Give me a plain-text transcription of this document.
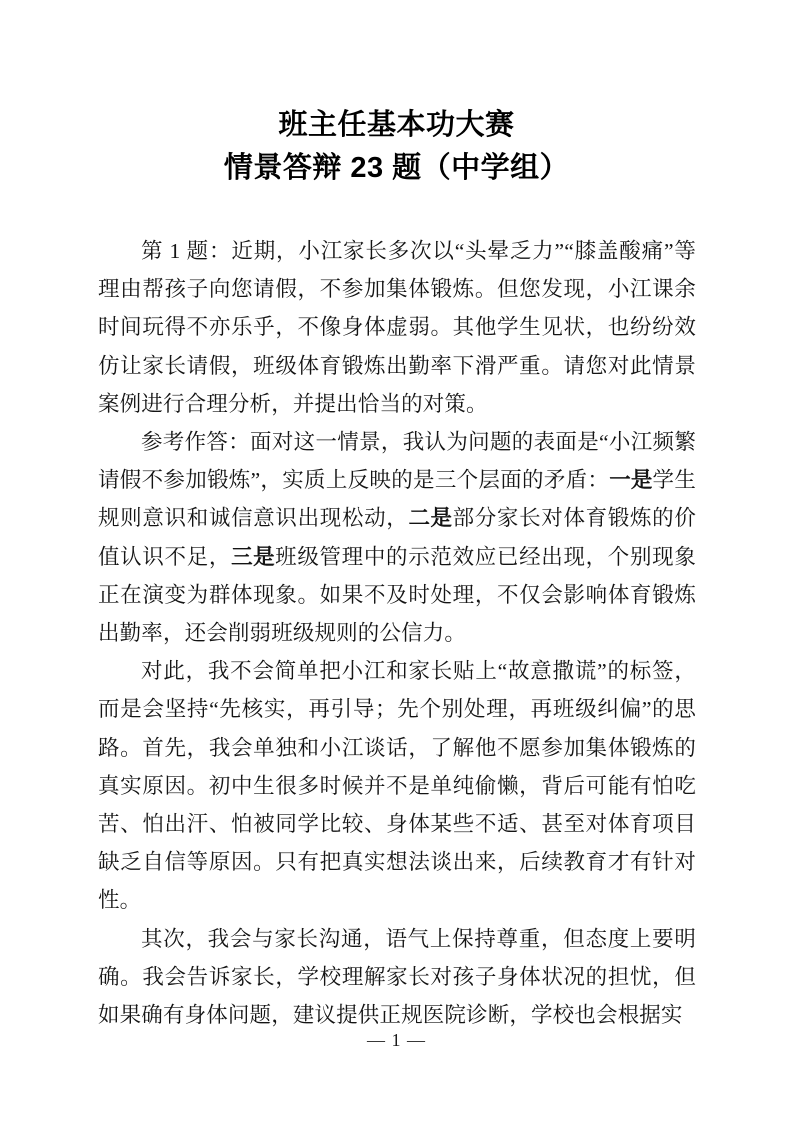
班主任基本功大赛
情景答辩 23 题（中学组）

第 1 题：近期，小江家长多次以“头晕乏力”“膝盖酸痛”等理由帮孩子向您请假，不参加集体锻炼。但您发现，小江课余时间玩得不亦乐乎，不像身体虚弱。其他学生见状，也纷纷效仿让家长请假，班级体育锻炼出勤率下滑严重。请您对此情景案例进行合理分析，并提出恰当的对策。

参考作答：面对这一情景，我认为问题的表面是“小江频繁请假不参加锻炼”，实质上反映的是三个层面的矛盾：一是学生规则意识和诚信意识出现松动，二是部分家长对体育锻炼的价值认识不足，三是班级管理中的示范效应已经出现，个别现象正在演变为群体现象。如果不及时处理，不仅会影响体育锻炼出勤率，还会削弱班级规则的公信力。

对此，我不会简单把小江和家长贴上“故意撒谎”的标签，而是会坚持“先核实，再引导；先个别处理，再班级纠偏”的思路。首先，我会单独和小江谈话，了解他不愿参加集体锻炼的真实原因。初中生很多时候并不是单纯偷懒，背后可能有怕吃苦、怕出汗、怕被同学比较、身体某些不适、甚至对体育项目缺乏自信等原因。只有把真实想法谈出来，后续教育才有针对性。

其次，我会与家长沟通，语气上保持尊重，但态度上要明确。我会告诉家长，学校理解家长对孩子身体状况的担忧，但如果确有身体问题，建议提供正规医院诊断，学校也会根据实

— 1 —
